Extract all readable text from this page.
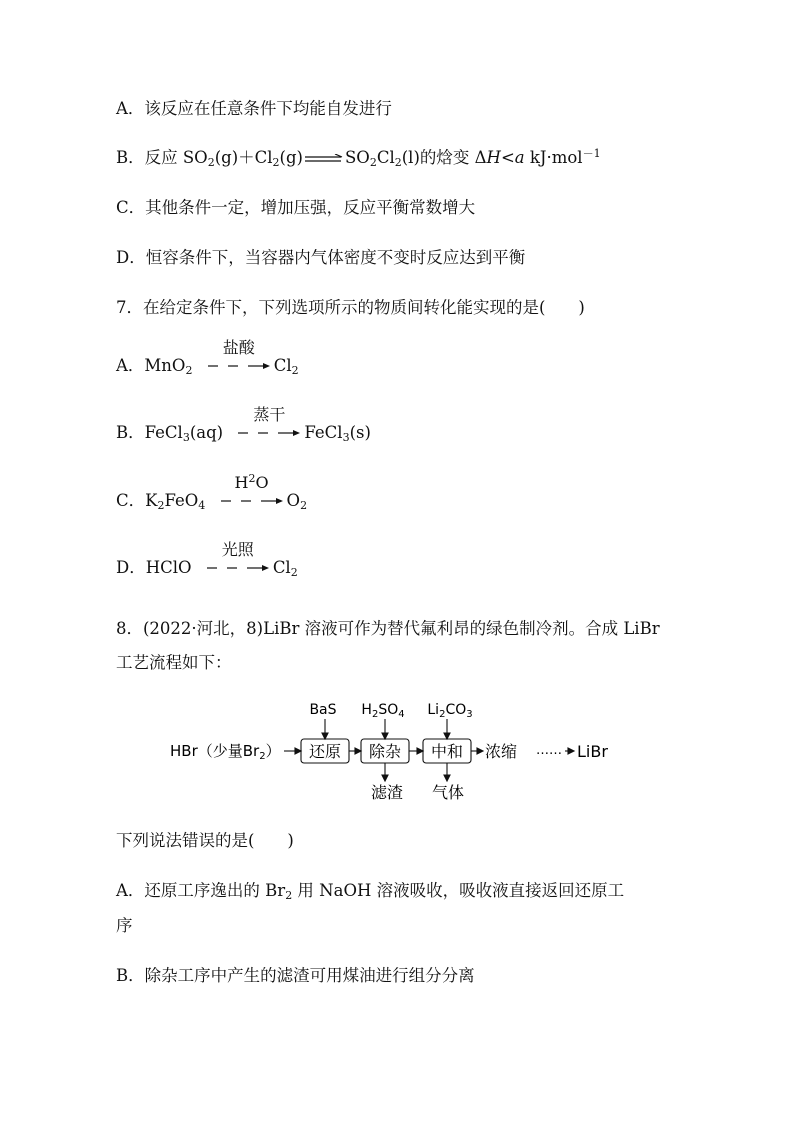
A．该反应在任意条件下均能自发进行
B．反应 $SO_2(g)+Cl_2(g)$	$SO_2Cl_2(l)$的焓变 ΔH<a kJ·mol$^{-1}$
C．其他条件一定，增加压强，反应平衡常数增大
D．恒容条件下，当容器内气体密度不变时反应达到平衡
7．在给定条件下，下列选项所示的物质间转化能实现的是(　　)
A．MnO$_2$
盐酸
$Cl_2$
B．FeCl$_3$(aq)
蒸干
FeCl$_3$(s)
C．$K_2FeO_4$
$H^2O$
$O_2$
D．HClO
光照
$Cl_2$
8．(2022·河北，8)LiBr 溶液可作为替代氟利昂的绿色制冷剂。合成 LiBr
工艺流程如下：
BaS $H_2SO_4$ $Li_2CO_3$
HBr（少量$Br_2$） 还原 除杂 中和 浓缩 …… LiBr
滤渣 气体
下列说法错误的是(　　)
A．还原工序逸出的 $Br_2$ 用 NaOH 溶液吸收，吸收液直接返回还原工
序
B．除杂工序中产生的滤渣可用煤油进行组分分离
